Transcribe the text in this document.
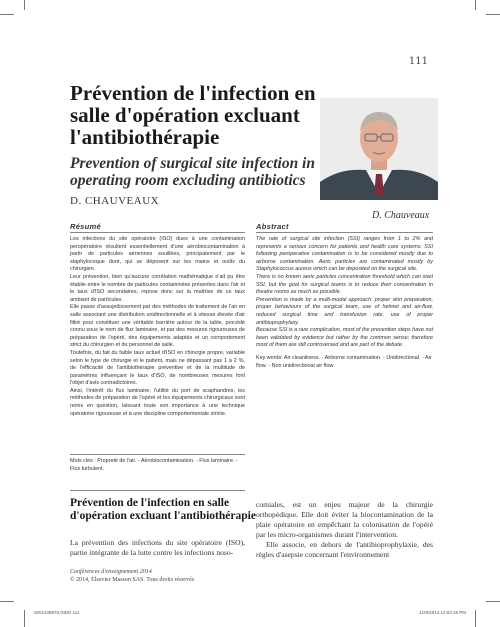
111
Prévention de l'infection en salle d'opération excluant l'antibiothérapie
Prevention of surgical site infection in operating room excluding antibiotics
D. CHAUVEAUX
D. Chauveaux
Résumé

Les infections du site opératoire (ISO) dues à une contamination peropératoire résultent essentiellement d'une aérobiocontamination à partir de particules aériennes souillées, principalement par le staphylocoque doré, qui se déposent sur les mains et outils du chirurgien.

Leur prévention, bien qu'aucune corrélation mathématique n'ait pu être établie entre le nombre de particules contaminées présentes dans l'air et le taux d'ISO secondaires, repose donc sur la maîtrise de ce taux ambiant de particules.

Elle passe d'assujettissement par des méthodes de traitement de l'air en salle associant une distribution unidirectionnelle et à vitesse élevée d'air filtré pour constituer une véritable barrière autour de la table, procédé connu sous le nom de flux laminaire, et par des mesures rigoureuses de préparation de l'opéré, des équipements adaptés et un comportement strict du chirurgien et du personnel de salle.

Toutefois, du fait du faible taux actuel d'ISO en chirurgie propre, variable selon le type de chirurgie et le patient, mais ne dépassant pas 1 à 2 %, de l'efficacité de l'antibiothérapie préventive et de la multitude de paramètres influençant le taux d'ISO, de nombreuses mesures font l'objet d'avis contradictoires.

Ainsi, l'intérêt du flux laminaire, l'utilité du port de scaphandres, les méthodes de préparation de l'opéré et les équipements chirurgicaux sont remis en question, laissant toute son importance à une technique opératoire rigoureuse et à une discipline comportementale stricte.

Mots clés : Propreté de l'air. - Aérobiocontamination. - Flux laminaire. - Flux turbulent.
Abstract

The rate of surgical site infection (SSI) ranges from 1 to 2% and represents a serious concern for patients and health care systems. SSI following peroperative contamination is to be considered mostly due to airborne contamination. Aeric particles are contaminated mostly by Staphylococcus aureus which can be deposited on the surgical site.

There is no known aeric particles concentration threshold which can start SSI, but the goal for surgical teams is to reduce their concentration in theatre rooms as much as possible.

Prevention is made by a multi-modal approach: proper skin preparation, proper behaviours of the surgical team, use of helmet and air-flow, reduced surgical time and transfusion rate, use of proper antibioprophylaxy.

Because SSI is a rare complication, most of the prevention steps have not been validated by evidence but rather by the common sense; therefore most of them are still controversed and are part of the debate.

Key words: Air cleanliness. - Airborne contamination. - Unidirectional. - Air flow. - Non unidirectional air flow.
Prévention de l'infection en salle d'opération excluant l'antibiothérapie
La prévention des infections du site opératoire (ISO), partie intégrante de la lutte contre les infections noso-
comiales, est un enjeu majeur de la chirurgie orthopédique. Elle doit éviter la biocontamination de la plaie opératoire en empêchant la colonisation de l'opéré par les micro-organismes durant l'intervention.
Elle associe, en dehors de l'antibioprophylaxie, des règles d'asepsie concernant l'environnement
Conférences d'enseignement 2014
© 2014, Elsevier Masson SAS. Tous droits réservés
0002108875.INDD 111	1/29/2014 12:03:15 PM
